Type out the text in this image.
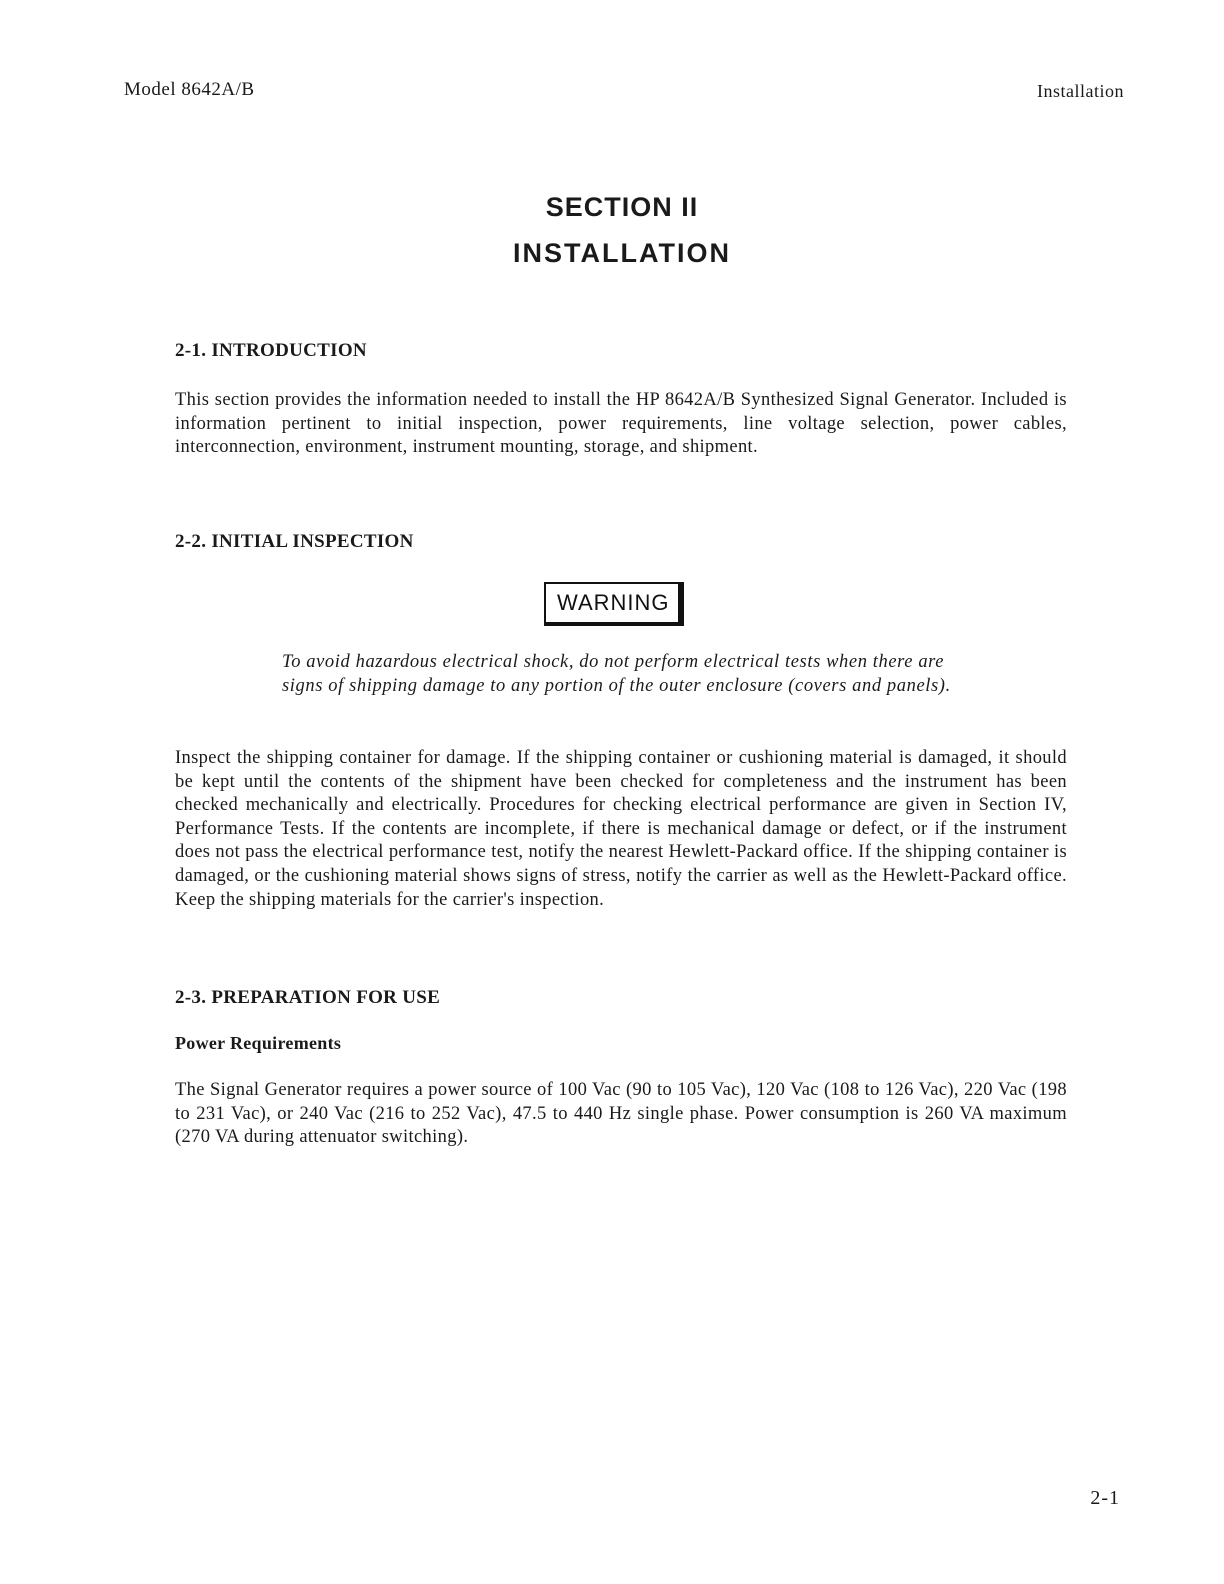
Model 8642A/B	Installation
SECTION II
INSTALLATION
2-1. INTRODUCTION
This section provides the information needed to install the HP 8642A/B Synthesized Signal Generator. Included is information pertinent to initial inspection, power requirements, line voltage selection, power cables, interconnection, environment, instrument mounting, storage, and shipment.
2-2. INITIAL INSPECTION
WARNING
To avoid hazardous electrical shock, do not perform electrical tests when there are signs of shipping damage to any portion of the outer enclosure (covers and panels).
Inspect the shipping container for damage. If the shipping container or cushioning material is damaged, it should be kept until the contents of the shipment have been checked for completeness and the instrument has been checked mechanically and electrically. Procedures for checking electrical performance are given in Section IV, Performance Tests. If the contents are incomplete, if there is mechanical damage or defect, or if the instrument does not pass the electrical performance test, notify the nearest Hewlett-Packard office. If the shipping container is damaged, or the cushioning material shows signs of stress, notify the carrier as well as the Hewlett-Packard office. Keep the shipping materials for the carrier's inspection.
2-3. PREPARATION FOR USE
Power Requirements
The Signal Generator requires a power source of 100 Vac (90 to 105 Vac), 120 Vac (108 to 126 Vac), 220 Vac (198 to 231 Vac), or 240 Vac (216 to 252 Vac), 47.5 to 440 Hz single phase. Power consumption is 260 VA maximum (270 VA during attenuator switching).
2-1
